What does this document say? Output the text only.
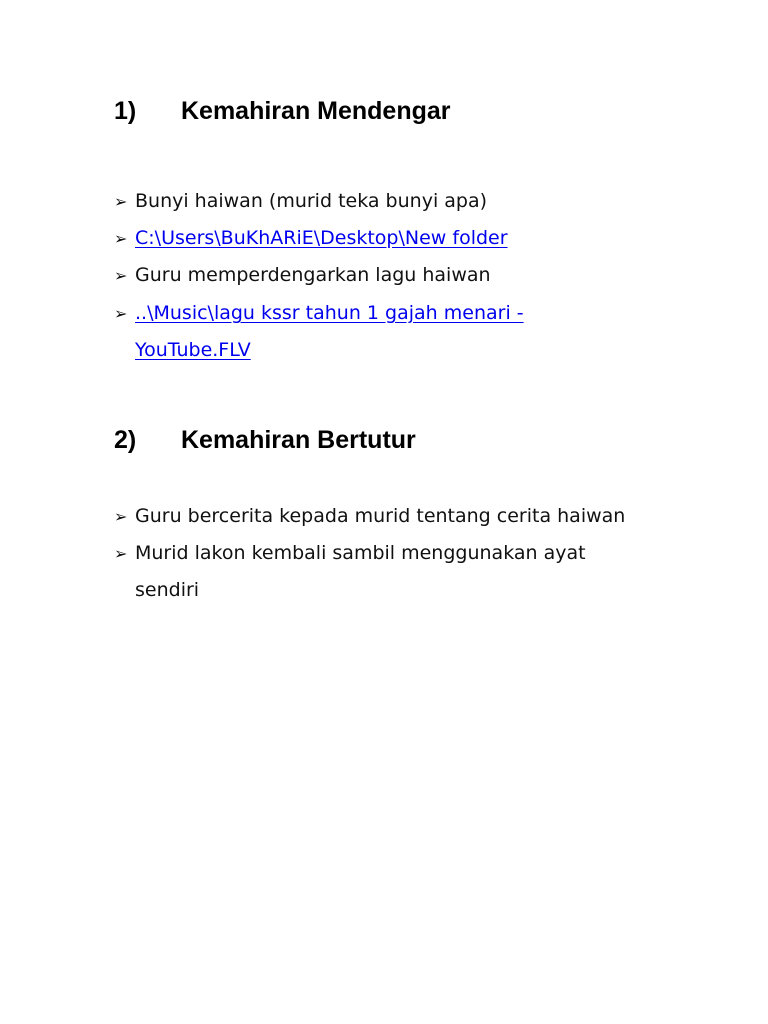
1) Kemahiran Mendengar
➢ Bunyi haiwan (murid teka bunyi apa)
➢ C:\Users\BuKhARiE\Desktop\New folder
➢ Guru memperdengarkan lagu haiwan
➢ ..\Music\lagu kssr tahun 1 gajah menari -
YouTube.FLV
2) Kemahiran Bertutur
➢ Guru bercerita kepada murid tentang cerita haiwan
➢ Murid lakon kembali sambil menggunakan ayat
sendiri
